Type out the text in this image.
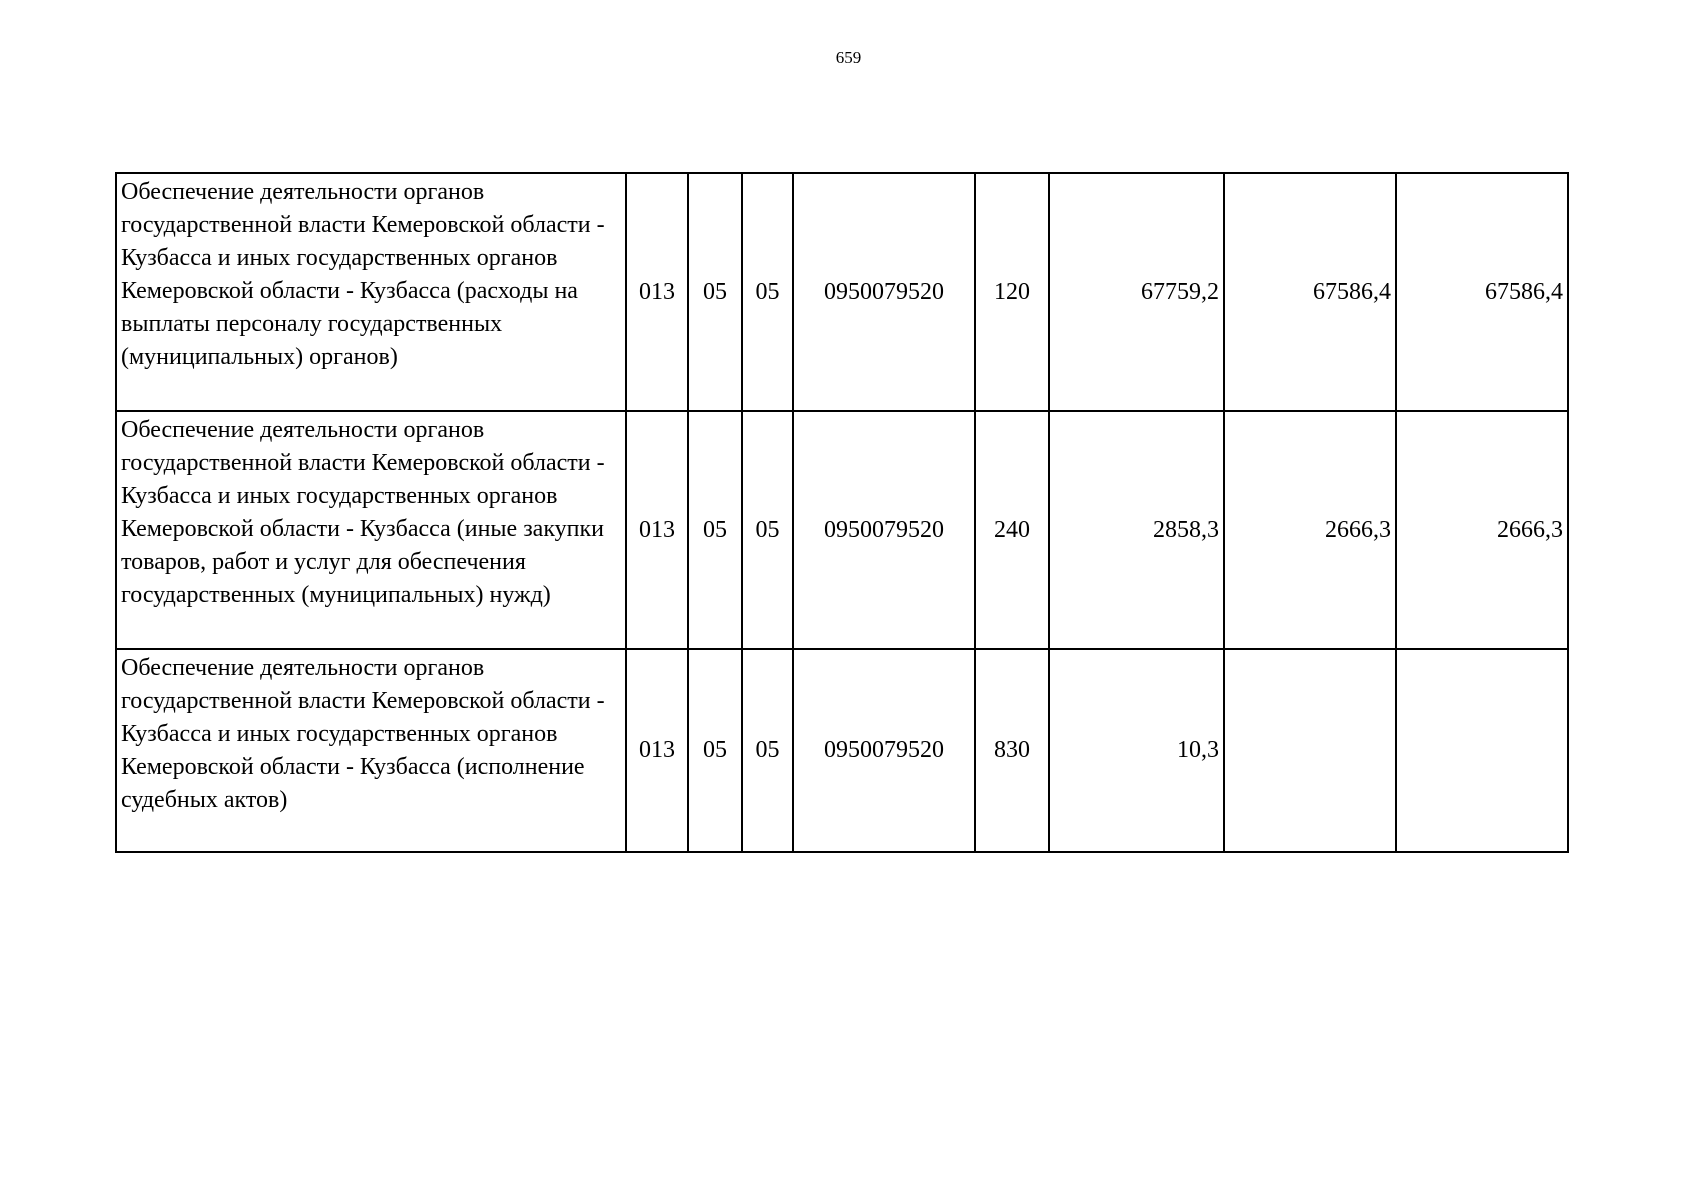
659
Обеспечение деятельности органов государственной власти Кемеровской области - Кузбасса и иных государственных органов Кемеровской области - Кузбасса (расходы на выплаты персоналу государственных (муниципальных) органов)	013	05	05	0950079520	120	67759,2	67586,4	67586,4
Обеспечение деятельности органов государственной власти Кемеровской области - Кузбасса и иных государственных органов Кемеровской области - Кузбасса (иные закупки товаров, работ и услуг для обеспечения государственных (муниципальных) нужд)	013	05	05	0950079520	240	2858,3	2666,3	2666,3
Обеспечение деятельности органов государственной власти Кемеровской области - Кузбасса и иных государственных органов Кемеровской области - Кузбасса (исполнение судебных актов)	013	05	05	0950079520	830	10,3		
